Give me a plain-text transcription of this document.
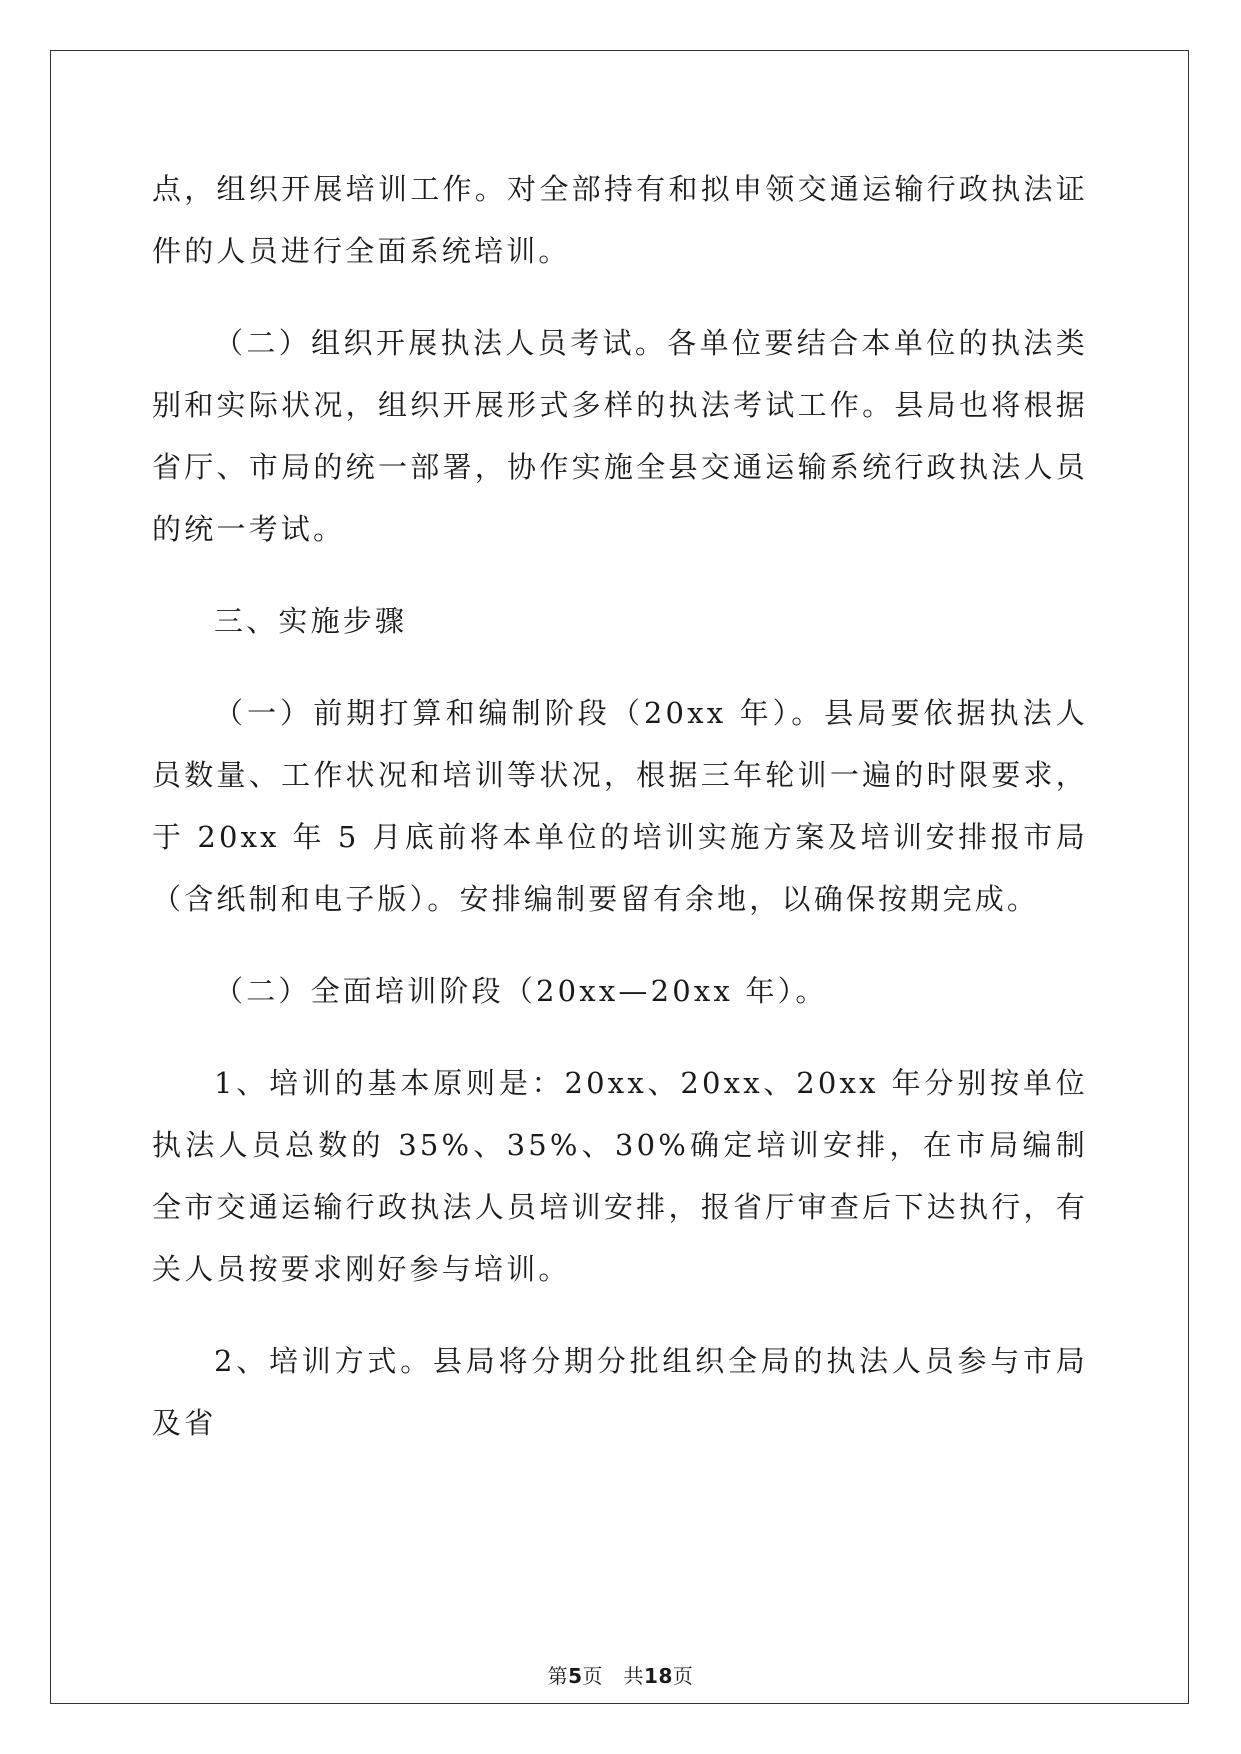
点，组织开展培训工作。对全部持有和拟申领交通运输行政执法证件的人员进行全面系统培训。

（二）组织开展执法人员考试。各单位要结合本单位的执法类别和实际状况，组织开展形式多样的执法考试工作。县局也将根据省厅、市局的统一部署，协作实施全县交通运输系统行政执法人员的统一考试。

三、实施步骤

（一）前期打算和编制阶段（20xx 年）。县局要依据执法人员数量、工作状况和培训等状况，根据三年轮训一遍的时限要求，于 20xx 年 5 月底前将本单位的培训实施方案及培训安排报市局（含纸制和电子版）。安排编制要留有余地，以确保按期完成。

（二）全面培训阶段（20xx—20xx 年）。

1、培训的基本原则是：20xx、20xx、20xx 年分别按单位执法人员总数的 35%、35%、30%确定培训安排，在市局编制全市交通运输行政执法人员培训安排，报省厅审查后下达执行，有关人员按要求刚好参与培训。

2、培训方式。县局将分期分批组织全局的执法人员参与市局及省

第5页　共18页
